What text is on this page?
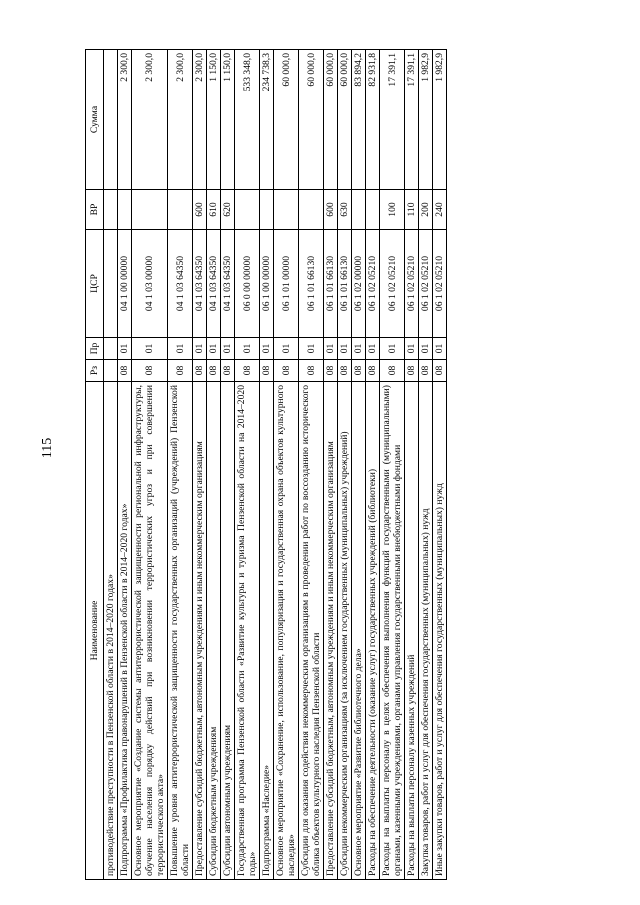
115
Наименование	Рз	Пр	ЦСР	ВР	Сумма
противодействие преступности в Пензенской области в 2014–2020 годах»					
Подпрограмма «Профилактика правонарушений в Пензенской области в 2014–2020 годах»	08	01	04 1 00 00000		2 300,0
Основное мероприятие «Создание системы антитеррористической защищенности региональной инфраструктуры, обучение населения порядку действий при возникновении террористических угроз и при совершении террористического акта»	08	01	04 1 03 00000		2 300,0
Повышение уровня антитеррористической защищенности государственных организаций (учреждений) Пензенской области	08	01	04 1 03 64350		2 300,0
Предоставление субсидий бюджетным, автономным учреждениям и иным некоммерческим организациям	08	01	04 1 03 64350	600	2 300,0
Субсидии бюджетным учреждениям	08	01	04 1 03 64350	610	1 150,0
Субсидии автономным учреждениям	08	01	04 1 03 64350	620	1 150,0
Государственная программа Пензенской области «Развитие культуры и туризма Пензенской области на 2014–2020 годы»	08	01	06 0 00 00000		533 348,0
Подпрограмма «Наследие»	08	01	06 1 00 00000		234 738,3
Основное мероприятие «Сохранение, использование, популяризация и государственная охрана объектов культурного наследия»	08	01	06 1 01 00000		60 000,0
Субсидии для оказания содействия некоммерческим организациям в проведении работ по воссозданию исторического облика объектов культурного наследия Пензенской области	08	01	06 1 01 66130		60 000,0
Предоставление субсидий бюджетным, автономным учреждениям и иным некоммерческим организациям	08	01	06 1 01 66130	600	60 000,0
Субсидии некоммерческим организациям (за исключением государственных (муниципальных) учреждений)	08	01	06 1 01 66130	630	60 000,0
Основное мероприятие «Развитие библиотечного дела»	08	01	06 1 02 00000		83 894,2
Расходы на обеспечение деятельности (оказание услуг) государственных учреждений (библиотеки)	08	01	06 1 02 05210		82 931,8
Расходы на выплаты персоналу в целях обеспечения выполнения функций государственными (муниципальными) органами, казенными учреждениями, органами управления государственными внебюджетными фондами	08	01	06 1 02 05210	100	17 391,1
Расходы на выплаты персоналу казенных учреждений	08	01	06 1 02 05210	110	17 391,1
Закупка товаров, работ и услуг для обеспечения государственных (муниципальных) нужд	08	01	06 1 02 05210	200	1 982,9
Иные закупки товаров, работ и услуг для обеспечения государственных (муниципальных) нужд	08	01	06 1 02 05210	240	1 982,9
